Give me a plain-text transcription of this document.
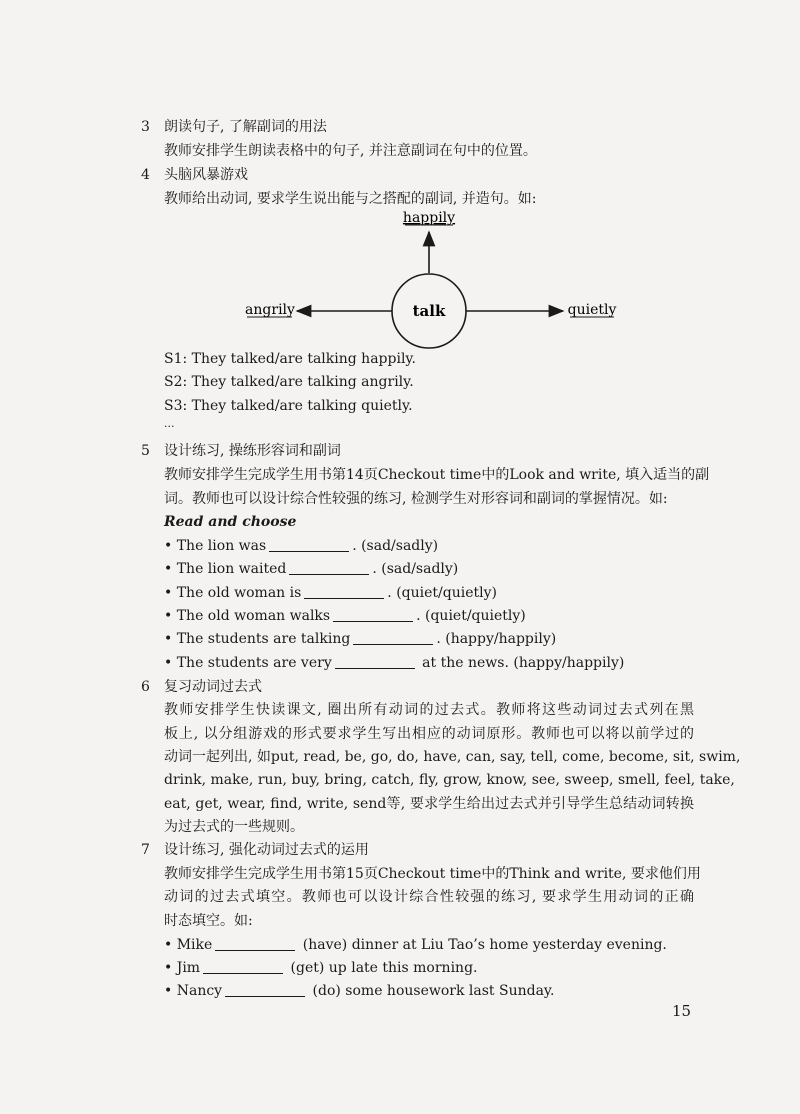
3 朗读句子, 了解副词的用法
教师安排学生朗读表格中的句子, 并注意副词在句中的位置。
4 头脑风暴游戏
教师给出动词, 要求学生说出能与之搭配的副词, 并造句。如:
talk
happily
angrily	quietly
S1: They talked/are talking happily.
S2: They talked/are talking angrily.
S3: They talked/are talking quietly.
...
5 设计练习, 操练形容词和副词
教师安排学生完成学生用书第14页Checkout time中的Look and write, 填入适当的副
词。教师也可以设计综合性较强的练习, 检测学生对形容词和副词的掌握情况。如:
Read and choose
• The lion was	. (sad/sadly)
• The lion waited	. (sad/sadly)
• The old woman is	. (quiet/quietly)
• The old woman walks	. (quiet/quietly)
• The students are talking	. (happy/happily)
• The students are very	at the news. (happy/happily)
6 复习动词过去式
教师安排学生快读课文, 圈出所有动词的过去式。教师将这些动词过去式列在黑
板上, 以分组游戏的形式要求学生写出相应的动词原形。教师也可以将以前学过的
动词一起列出, 如put, read, be, go, do, have, can, say, tell, come, become, sit, swim,
drink, make, run, buy, bring, catch, fly, grow, know, see, sweep, smell, feel, take,
eat, get, wear, find, write, send等, 要求学生给出过去式并引导学生总结动词转换
为过去式的一些规则。
7 设计练习, 强化动词过去式的运用
教师安排学生完成学生用书第15页Checkout time中的Think and write, 要求他们用
动词的过去式填空。教师也可以设计综合性较强的练习, 要求学生用动词的正确
时态填空。如:
• Mike	(have) dinner at Liu Tao’s home yesterday evening.
• Jim	(get) up late this morning.
• Nancy	(do) some housework last Sunday.
15
